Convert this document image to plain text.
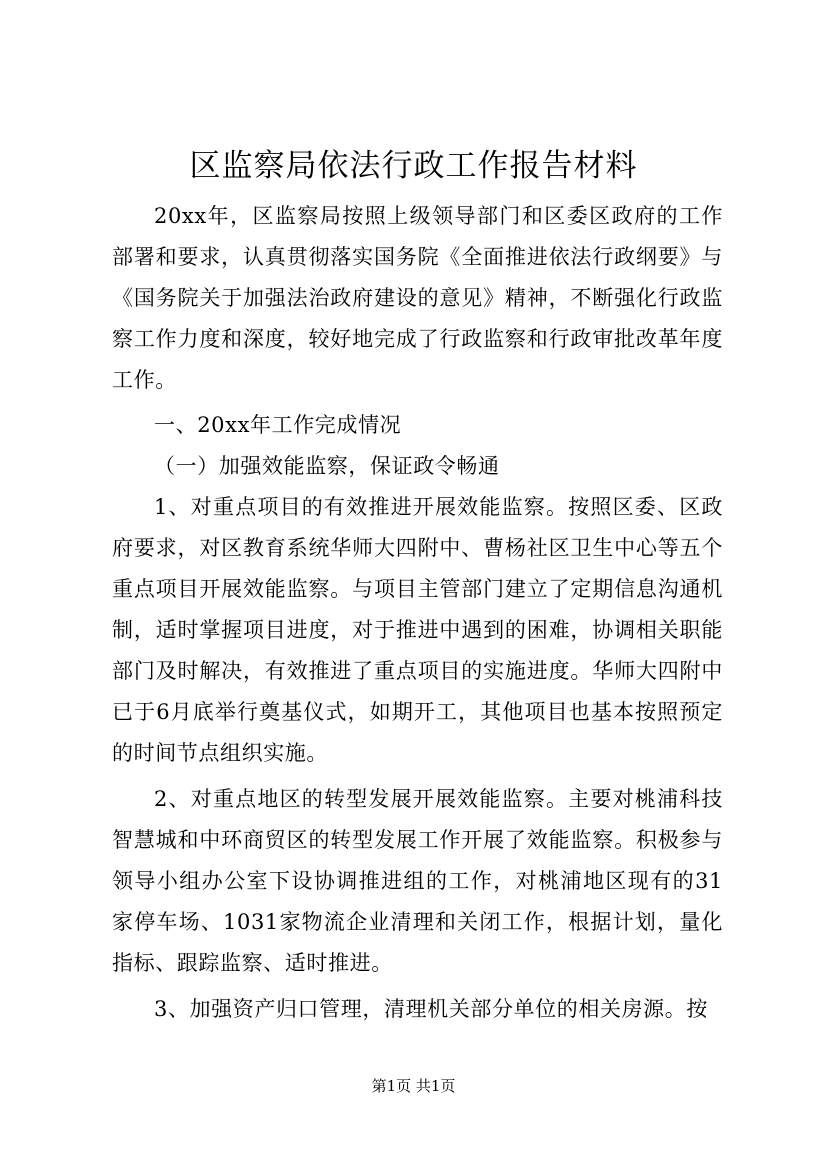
区监察局依法行政工作报告材料

20xx年，区监察局按照上级领导部门和区委区政府的工作部署和要求，认真贯彻落实国务院《全面推进依法行政纲要》与《国务院关于加强法治政府建设的意见》精神，不断强化行政监察工作力度和深度，较好地完成了行政监察和行政审批改革年度工作。

一、20xx年工作完成情况

（一）加强效能监察，保证政令畅通

1、对重点项目的有效推进开展效能监察。按照区委、区政府要求，对区教育系统华师大四附中、曹杨社区卫生中心等五个重点项目开展效能监察。与项目主管部门建立了定期信息沟通机制，适时掌握项目进度，对于推进中遇到的困难，协调相关职能部门及时解决，有效推进了重点项目的实施进度。华师大四附中已于6月底举行奠基仪式，如期开工，其他项目也基本按照预定的时间节点组织实施。

2、对重点地区的转型发展开展效能监察。主要对桃浦科技智慧城和中环商贸区的转型发展工作开展了效能监察。积极参与领导小组办公室下设协调推进组的工作，对桃浦地区现有的31家停车场、1031家物流企业清理和关闭工作，根据计划，量化指标、跟踪监察、适时推进。

3、加强资产归口管理，清理机关部分单位的相关房源。按

第1页 共1页
